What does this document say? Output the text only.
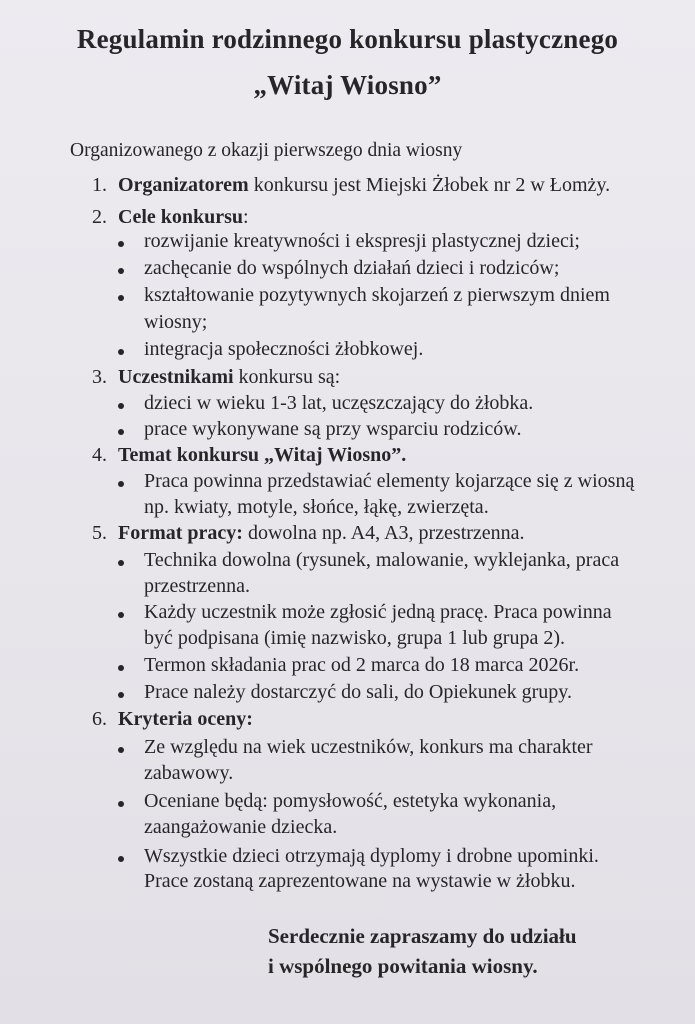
Regulamin rodzinnego konkursu plastycznego
„Witaj Wiosno”
Organizowanego z okazji pierwszego dnia wiosny
1. Organizatorem konkursu jest Miejski Żłobek nr 2 w Łomży.
2. Cele konkursu:
rozwijanie kreatywności i ekspresji plastycznej dzieci;
zachęcanie do wspólnych działań dzieci i rodziców;
kształtowanie pozytywnych skojarzeń z pierwszym dniem
wiosny;
integracja społeczności żłobkowej.
3. Uczestnikami konkursu są:
dzieci w wieku 1-3 lat, uczęszczający do żłobka.
prace wykonywane są przy wsparciu rodziców.
4. Temat konkursu „Witaj Wiosno”.
Praca powinna przedstawiać elementy kojarzące się z wiosną
np. kwiaty, motyle, słońce, łąkę, zwierzęta.
5. Format pracy: dowolna np. A4, A3, przestrzenna.
Technika dowolna (rysunek, malowanie, wyklejanka, praca
przestrzenna.
Każdy uczestnik może zgłosić jedną pracę. Praca powinna
być podpisana (imię nazwisko, grupa 1 lub grupa 2).
Termon składania prac od 2 marca do 18 marca 2026r.
Prace należy dostarczyć do sali, do Opiekunek grupy.
6. Kryteria oceny:
Ze względu na wiek uczestników, konkurs ma charakter
zabawowy.
Oceniane będą: pomysłowość, estetyka wykonania,
zaangażowanie dziecka.
Wszystkie dzieci otrzymają dyplomy i drobne upominki.
Prace zostaną zaprezentowane na wystawie w żłobku.
Serdecznie zapraszamy do udziału
i wspólnego powitania wiosny.
